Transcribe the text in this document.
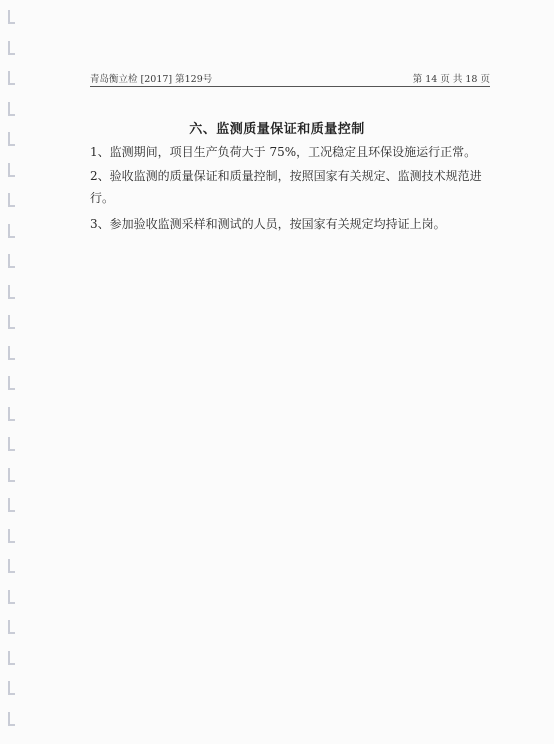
青岛衡立检 [2017] 第129号	第 14 页 共 18 页
六、监测质量保证和质量控制
1、监测期间，项目生产负荷大于 75%，工况稳定且环保设施运行正常。
2、验收监测的质量保证和质量控制，按照国家有关规定、监测技术规范进行。
3、参加验收监测采样和测试的人员，按国家有关规定均持证上岗。
